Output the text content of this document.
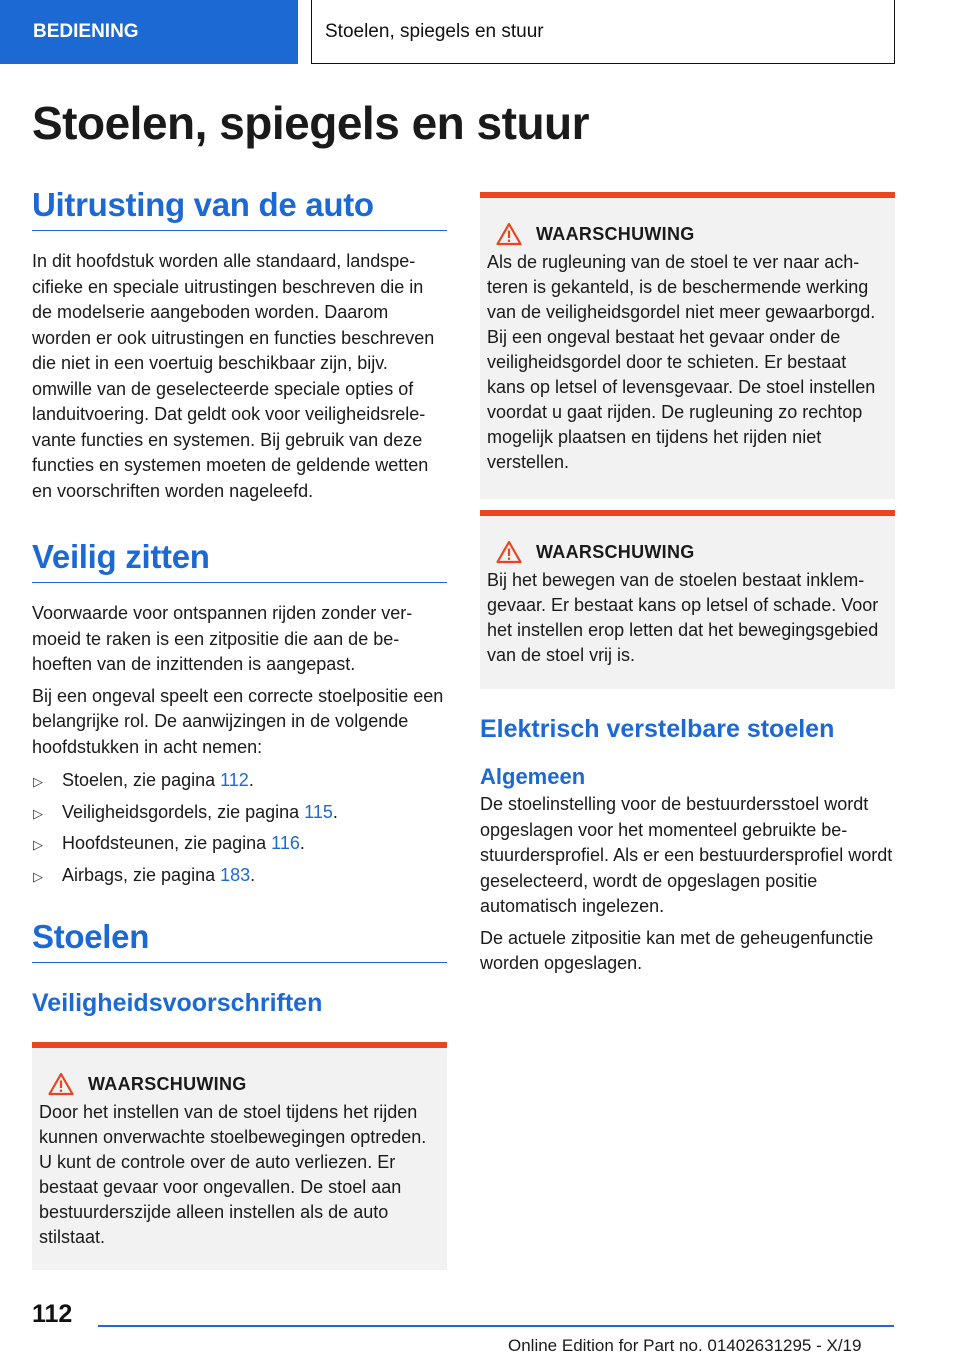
BEDIENING	Stoelen, spiegels en stuur
Stoelen, spiegels en stuur
Uitrusting van de auto

In dit hoofdstuk worden alle standaard, landspecifieke en speciale uitrustingen beschreven die in de modelserie aangeboden worden. Daarom worden er ook uitrustingen en functies beschreven die niet in een voertuig beschikbaar zijn, bijv. omwille van de geselecteerde speciale opties of landuitvoering. Dat geldt ook voor veiligheidsrelevante functies en systemen. Bij gebruik van deze functies en systemen moeten de geldende wetten en voorschriften worden nageleefd.

Veilig zitten

Voorwaarde voor ontspannen rijden zonder vermoeid te raken is een zitpositie die aan de behoeften van de inzittenden is aangepast.

Bij een ongeval speelt een correcte stoelpositie een belangrijke rol. De aanwijzingen in de volgende hoofdstukken in acht nemen:

▷ Stoelen, zie pagina 112.
▷ Veiligheidsgordels, zie pagina 115.
▷ Hoofdsteunen, zie pagina 116.
▷ Airbags, zie pagina 183.
Stoelen
Veiligheidsvoorschriften
WAARSCHUWING

Door het instellen van de stoel tijdens het rijden kunnen onverwachte stoelbewegingen optreden. U kunt de controle over de auto verliezen. Er bestaat gevaar voor ongevallen. De stoel aan bestuurderszijde alleen instellen als de auto stilstaat.

WAARSCHUWING

Als de rugleuning van de stoel te ver naar achteren is gekanteld, is de beschermende werking van de veiligheidsgordel niet meer gewaarborgd. Bij een ongeval bestaat het gevaar onder de veiligheidsgordel door te schieten. Er bestaat kans op letsel of levensgevaar. De stoel instellen voordat u gaat rijden. De rugleuning zo rechtop mogelijk plaatsen en tijdens het rijden niet verstellen.

WAARSCHUWING

Bij het bewegen van de stoelen bestaat inklemgevaar. Er bestaat kans op letsel of schade. Voor het instellen erop letten dat het bewegingsgebied van de stoel vrij is.

Elektrisch verstelbare stoelen
Algemeen

De stoelinstelling voor de bestuurdersstoel wordt opgeslagen voor het momenteel gebruikte bestuurdersprofiel. Als er een bestuurdersprofiel wordt geselecteerd, wordt de opgeslagen positie automatisch ingelezen.

De actuele zitpositie kan met de geheugenfunctie worden opgeslagen.

112
Online Edition for Part no. 01402631295 - X/19
